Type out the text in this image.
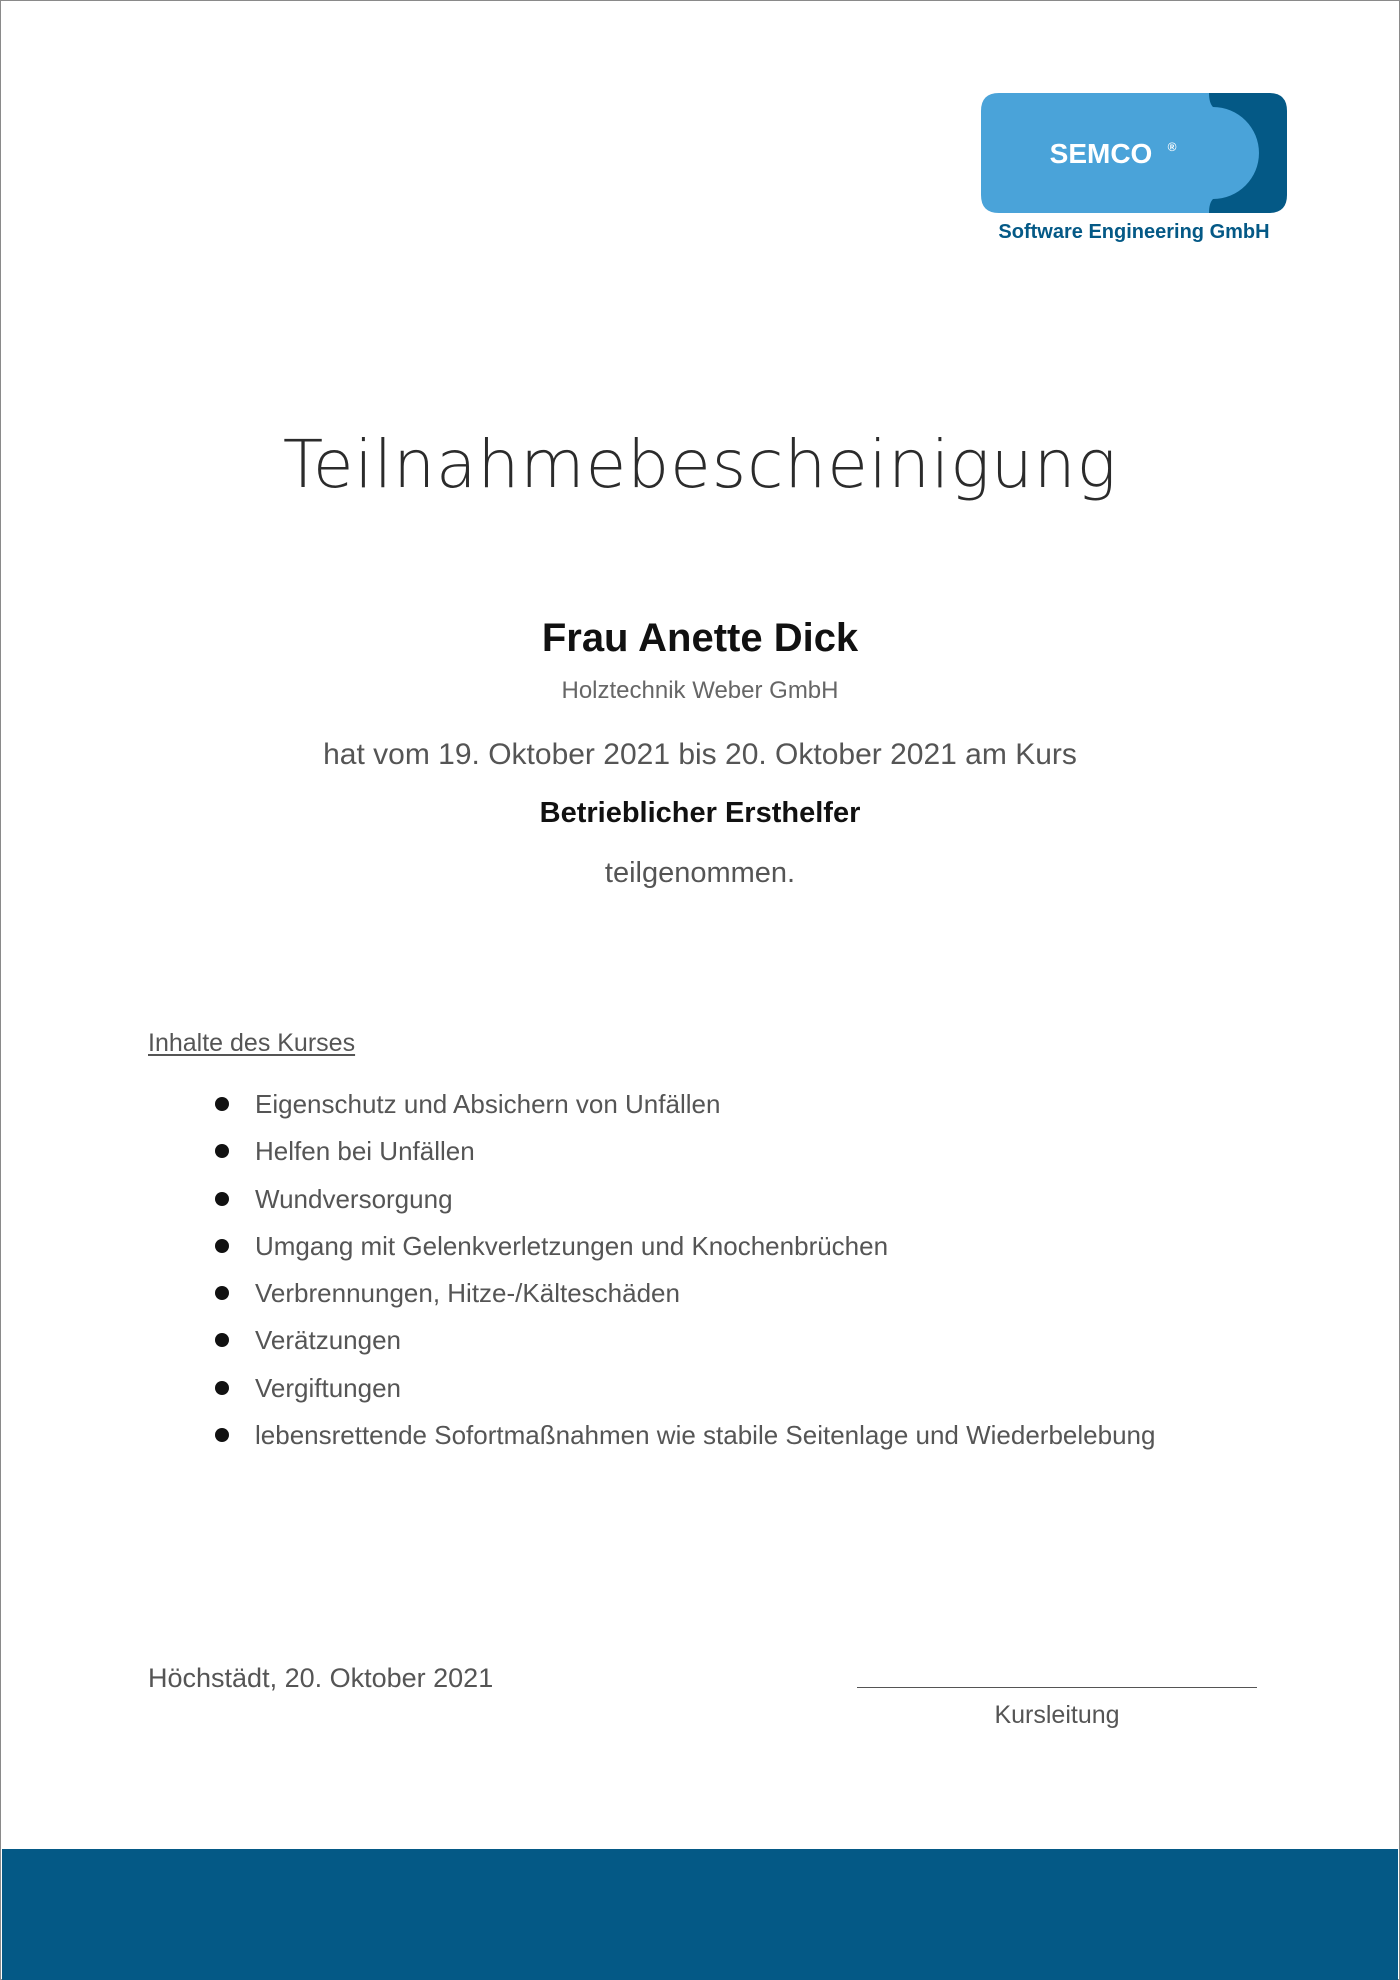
SEMCO ®
Software Engineering GmbH
Teilnahmebescheinigung
Frau Anette Dick
Holztechnik Weber GmbH
hat vom 19. Oktober 2021 bis 20. Oktober 2021 am Kurs
Betrieblicher Ersthelfer
teilgenommen.
Inhalte des Kurses
Eigenschutz und Absichern von Unfällen
Helfen bei Unfällen
Wundversorgung
Umgang mit Gelenkverletzungen und Knochenbrüchen
Verbrennungen, Hitze-/Kälteschäden
Verätzungen
Vergiftungen
lebensrettende Sofortmaßnahmen wie stabile Seitenlage und Wiederbelebung
Höchstädt, 20. Oktober 2021
Kursleitung
